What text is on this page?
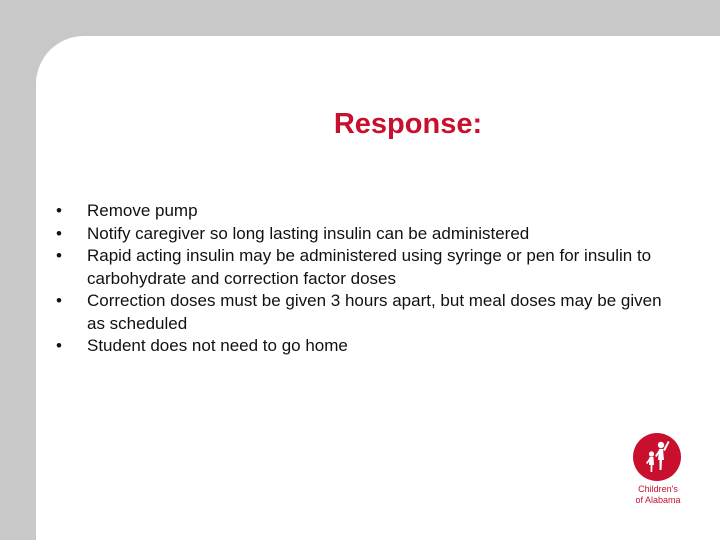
Response:
• Remove pump
• Notify caregiver so long lasting insulin can be administered
• Rapid acting insulin may be administered using syringe or pen for insulin to carbohydrate and correction factor doses
• Correction doses must be given 3 hours apart, but meal doses may be given as scheduled
• Student does not need to go home
Children's
of Alabama
